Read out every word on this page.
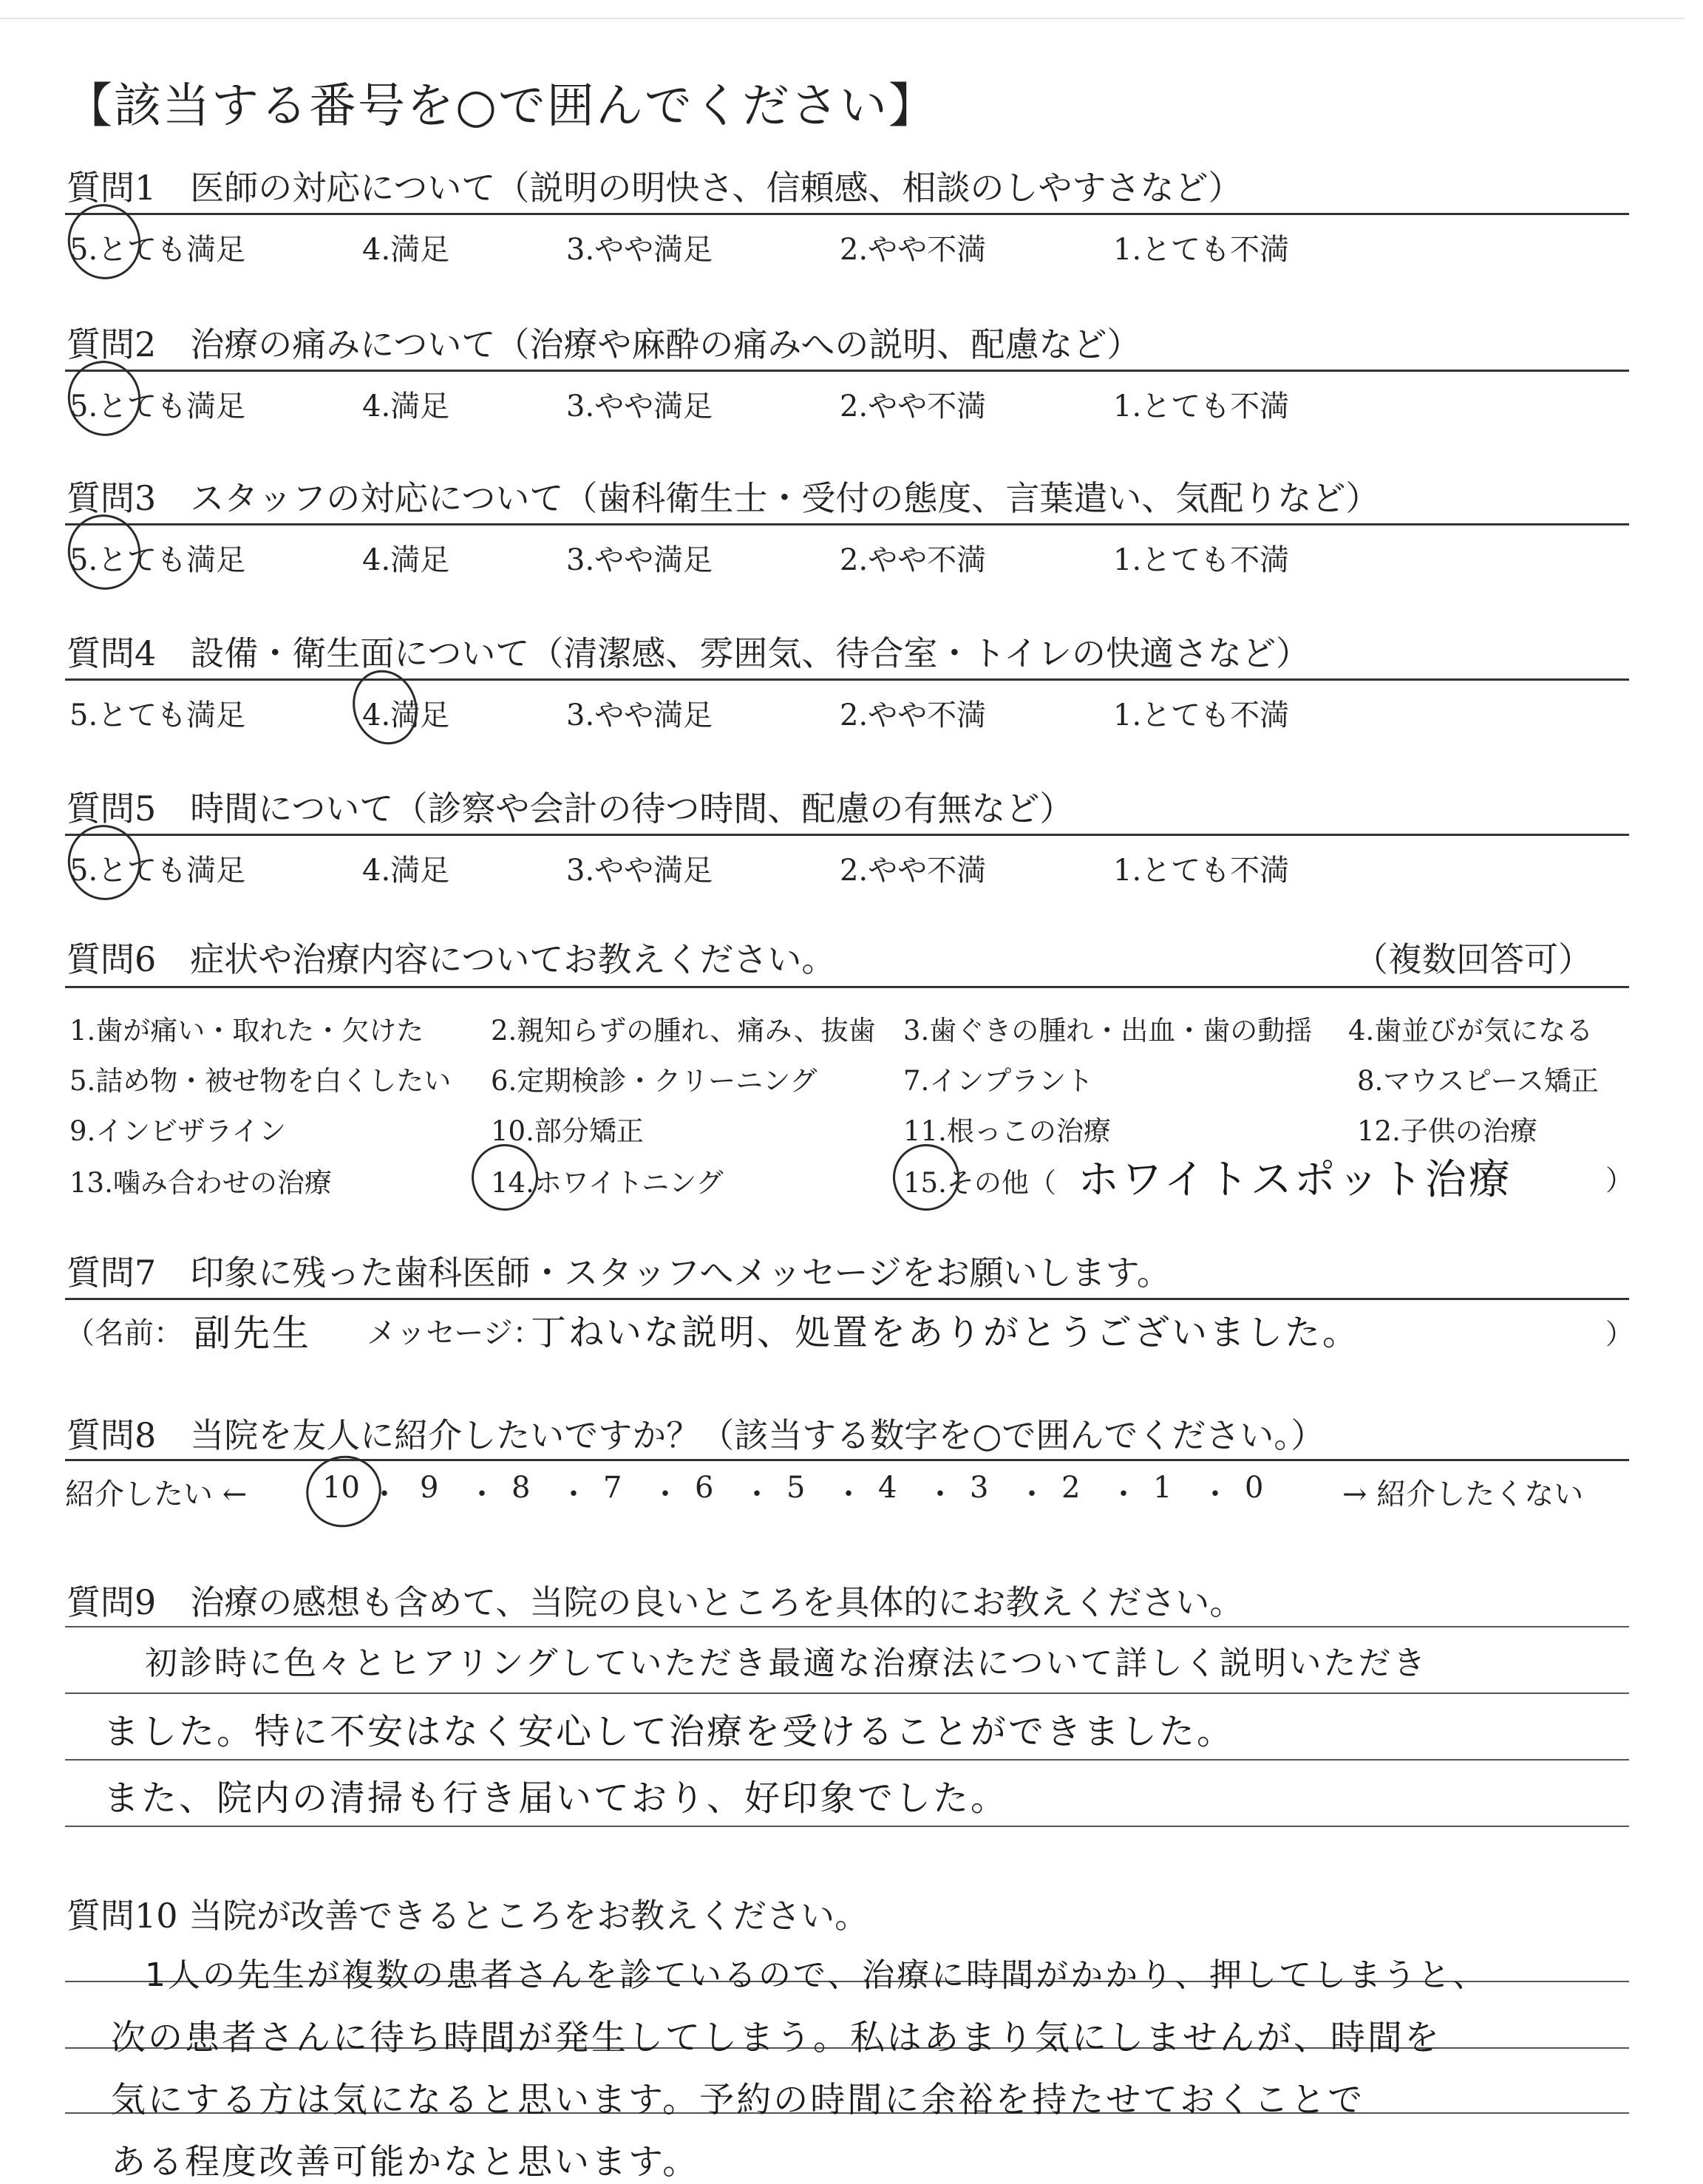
【該当する番号を○で囲んでください】
質問1　医師の対応について（説明の明快さ、信頼感、相談のしやすさなど）
5.とても満足	4.満足	3.やや満足	2.やや不満	1.とても不満
質問2　治療の痛みについて（治療や麻酔の痛みへの説明、配慮など）
5.とても満足	4.満足	3.やや満足	2.やや不満	1.とても不満
質問3　スタッフの対応について（歯科衛生士・受付の態度、言葉遣い、気配りなど）
5.とても満足	4.満足	3.やや満足	2.やや不満	1.とても不満
質問4　設備・衛生面について（清潔感、雰囲気、待合室・トイレの快適さなど）
5.とても満足	4.満足	3.やや満足	2.やや不満	1.とても不満
質問5　時間について（診察や会計の待つ時間、配慮の有無など）
5.とても満足	4.満足	3.やや満足	2.やや不満	1.とても不満
質問6　症状や治療内容についてお教えください。	（複数回答可）
1.歯が痛い・取れた・欠けた 2.親知らずの腫れ、痛み、抜歯 3.歯ぐきの腫れ・出血・歯の動揺 4.歯並びが気になる
5.詰め物・被せ物を白くしたい 6.定期検診・クリーニング	7.インプラント	8.マウスピース矯正
9.インビザライン	10.部分矯正	11.根っこの治療	12.子供の治療
13.噛み合わせの治療	14.ホワイトニング	15.その他（ ホワイトスポット治療	）
質問7　印象に残った歯科医師・スタッフへメッセージをお願いします。
（名前： 副先生 メッセージ：
丁ねいな説明、処置をありがとうございました。	）
質問8　当院を友人に紹介したいですか？（該当する数字を○で囲んでください。）
紹介したい ←	10 ・ 9 ・ 8 ・ 7 ・ 6 ・ 5 ・ 4 ・ 3 ・ 2 ・ 1 ・ 0	→ 紹介したくない
質問9　治療の感想も含めて、当院の良いところを具体的にお教えください。
初診時に色々とヒアリングしていただき最適な治療法について詳しく説明いただき
ました。特に不安はなく安心して治療を受けることができました。
また、院内の清掃も行き届いており、好印象でした。
質問10 当院が改善できるところをお教えください。
1人の先生が複数の患者さんを診ているので、治療に時間がかかり、押してしまうと、
次の患者さんに待ち時間が発生してしまう。私はあまり気にしませんが、時間を
気にする方は気になると思います。予約の時間に余裕を持たせておくことで
ある程度改善可能かなと思います。
